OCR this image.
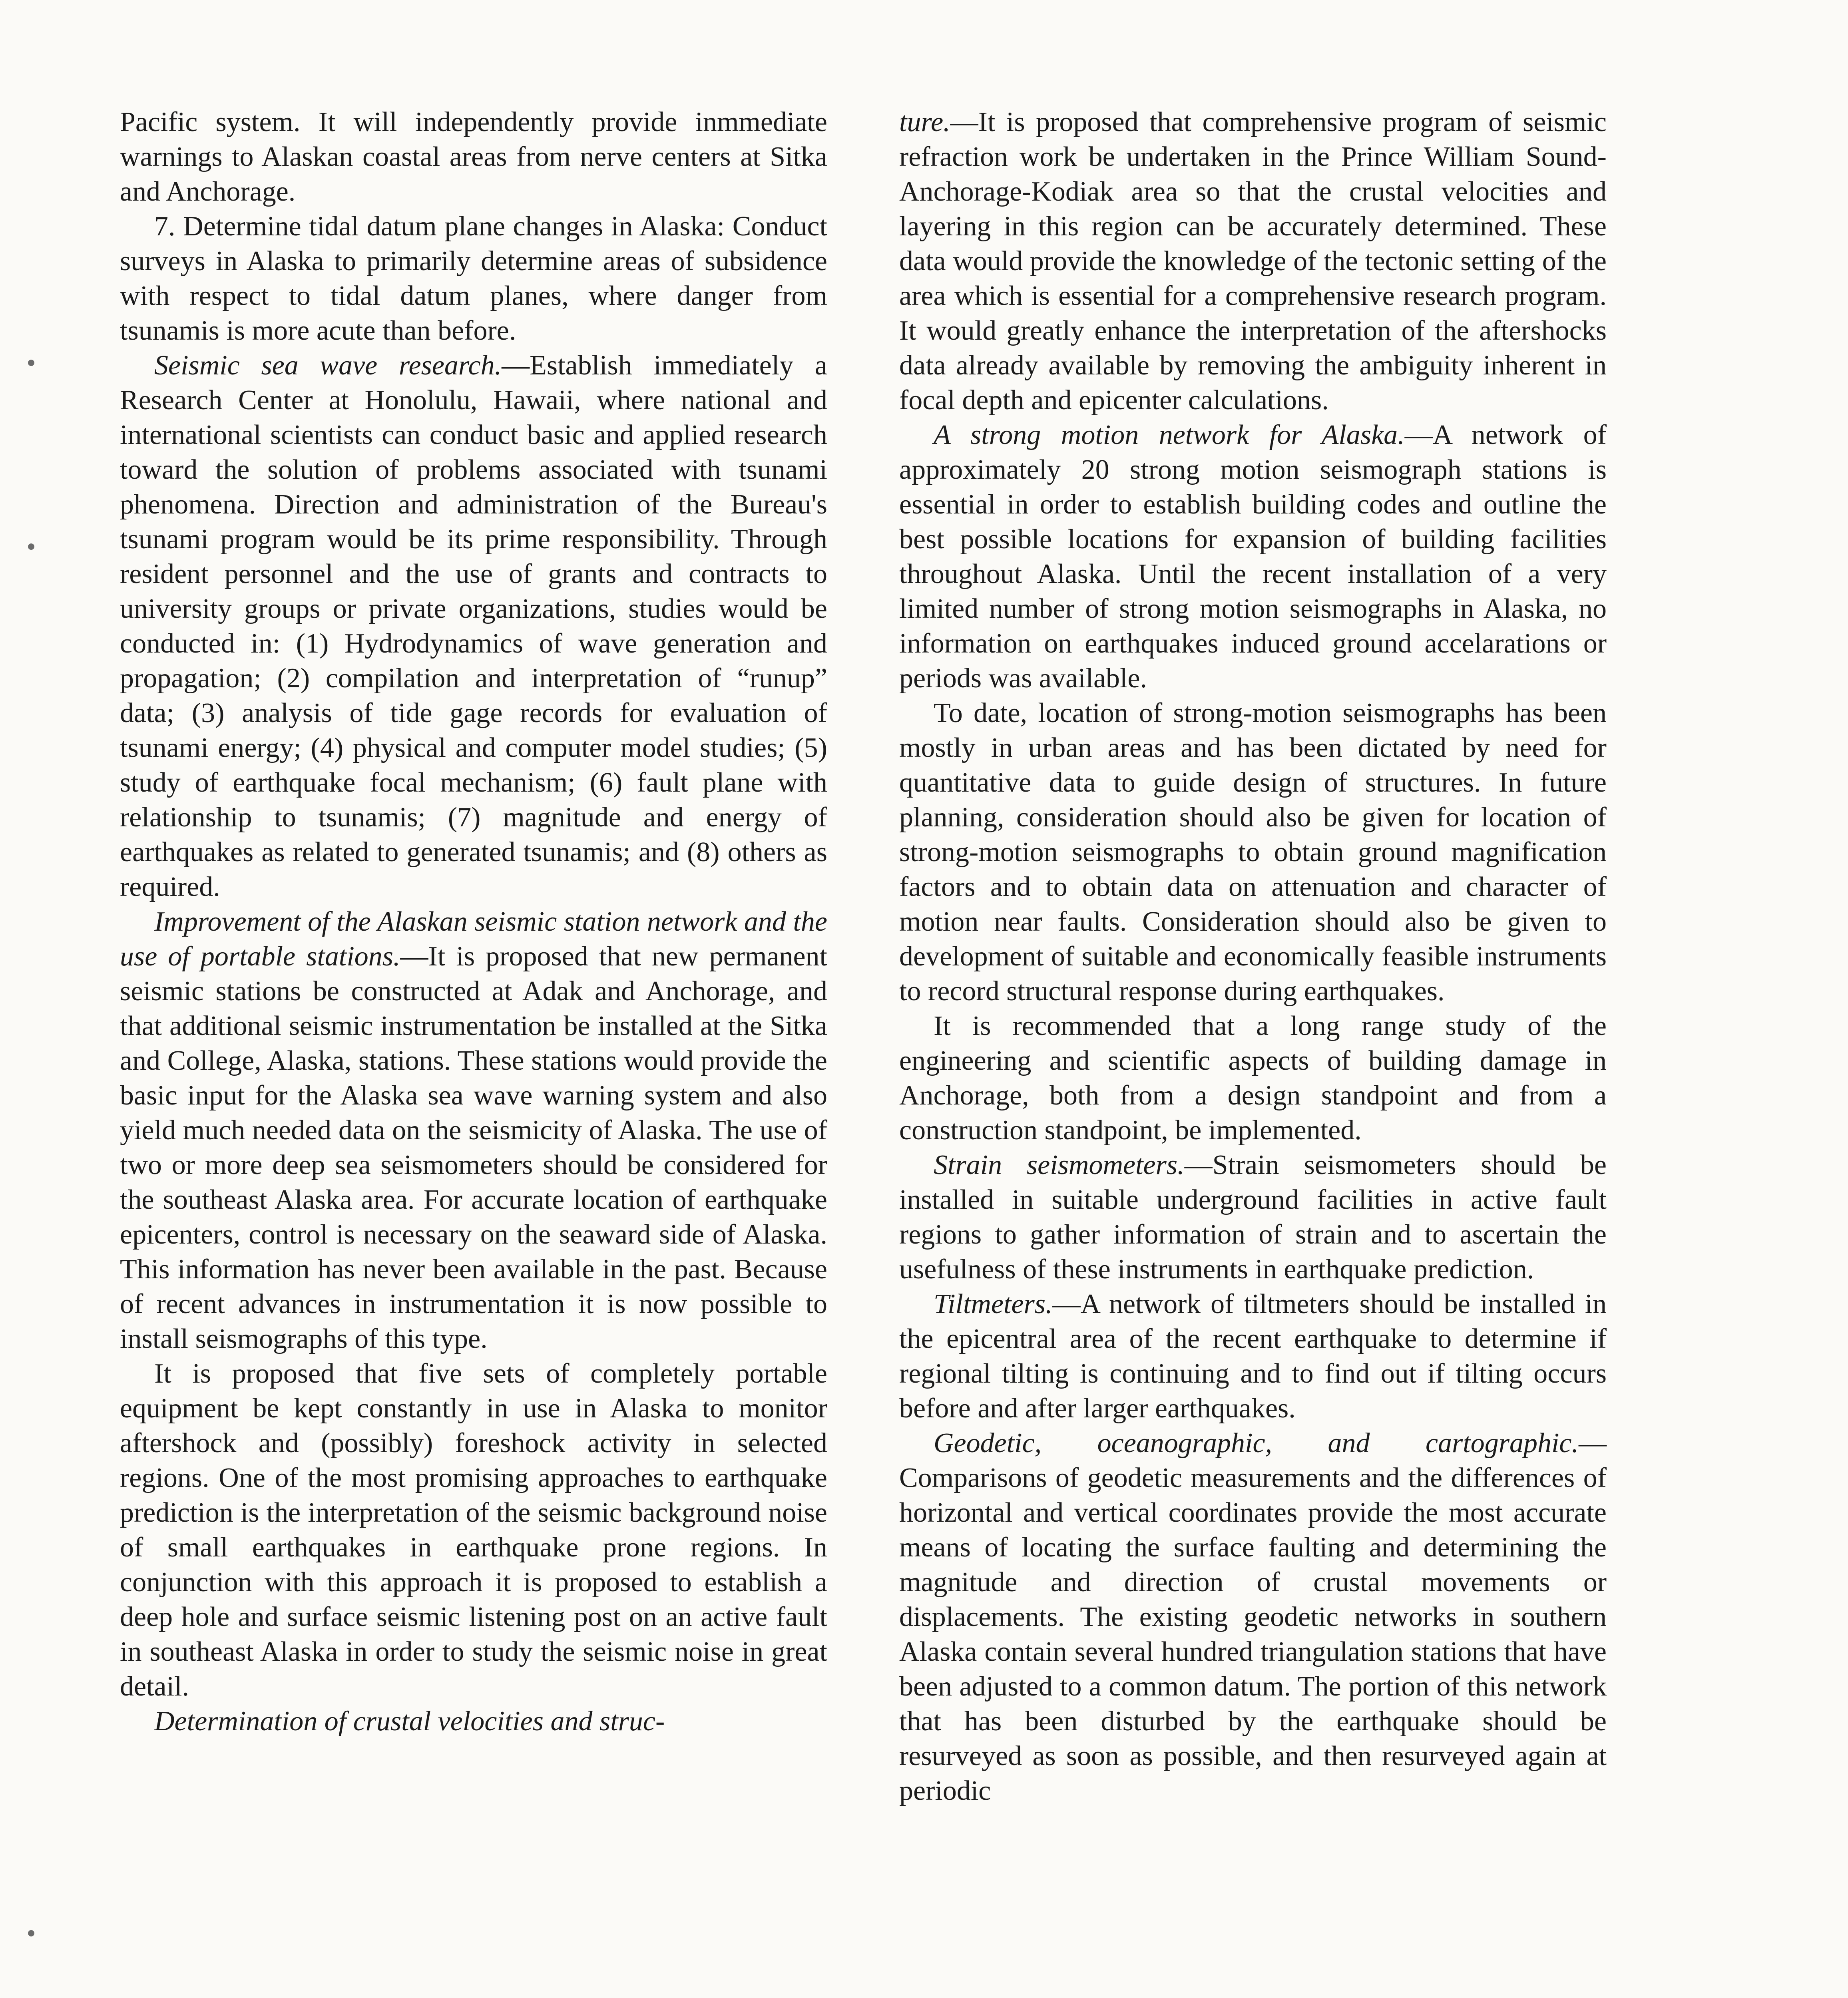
Pacific system. It will independently provide inmmediate warnings to Alaskan coastal areas from nerve centers at Sitka and Anchorage.

7. Determine tidal datum plane changes in Alaska: Conduct surveys in Alaska to primarily determine areas of subsidence with respect to tidal datum planes, where danger from tsunamis is more acute than before.

Seismic sea wave research.—Establish immediately a Research Center at Honolulu, Hawaii, where national and international scientists can conduct basic and applied research toward the solution of problems associated with tsunami phenomena. Direction and administration of the Bureau's tsunami program would be its prime responsibility. Through resident personnel and the use of grants and contracts to university groups or private organizations, studies would be conducted in: (1) Hydrodynamics of wave generation and propagation; (2) compilation and interpretation of “runup” data; (3) analysis of tide gage records for evaluation of tsunami energy; (4) physical and computer model studies; (5) study of earthquake focal mechanism; (6) fault plane with relationship to tsunamis; (7) magnitude and energy of earthquakes as related to generated tsunamis; and (8) others as required.

Improvement of the Alaskan seismic station network and the use of portable stations.—It is proposed that new permanent seismic stations be constructed at Adak and Anchorage, and that additional seismic instrumentation be installed at the Sitka and College, Alaska, stations. These stations would provide the basic input for the Alaska sea wave warning system and also yield much needed data on the seismicity of Alaska. The use of two or more deep sea seismometers should be considered for the southeast Alaska area. For accurate location of earthquake epicenters, control is necessary on the seaward side of Alaska. This information has never been available in the past. Because of recent advances in instrumentation it is now possible to install seismographs of this type.

It is proposed that five sets of completely portable equipment be kept constantly in use in Alaska to monitor aftershock and (possibly) foreshock activity in selected regions. One of the most promising approaches to earthquake prediction is the interpretation of the seismic background noise of small earthquakes in earthquake prone regions. In conjunction with this approach it is proposed to establish a deep hole and surface seismic listening post on an active fault in southeast Alaska in order to study the seismic noise in great detail.

Determination of crustal velocities and struc-

ture.—It is proposed that comprehensive program of seismic refraction work be undertaken in the Prince William Sound-Anchorage-Kodiak area so that the crustal velocities and layering in this region can be accurately determined. These data would provide the knowledge of the tectonic setting of the area which is essential for a comprehensive research program. It would greatly enhance the interpretation of the aftershocks data already available by removing the ambiguity inherent in focal depth and epicenter calculations.

A strong motion network for Alaska.—A network of approximately 20 strong motion seismograph stations is essential in order to establish building codes and outline the best possible locations for expansion of building facilities throughout Alaska. Until the recent installation of a very limited number of strong motion seismographs in Alaska, no information on earthquakes induced ground accelarations or periods was available.

To date, location of strong-motion seismographs has been mostly in urban areas and has been dictated by need for quantitative data to guide design of structures. In future planning, consideration should also be given for location of strong-motion seismographs to obtain ground magnification factors and to obtain data on attenuation and character of motion near faults. Consideration should also be given to development of suitable and economically feasible instruments to record structural response during earthquakes.

It is recommended that a long range study of the engineering and scientific aspects of building damage in Anchorage, both from a design standpoint and from a construction standpoint, be implemented.

Strain seismometers.—Strain seismometers should be installed in suitable underground facilities in active fault regions to gather information of strain and to ascertain the usefulness of these instruments in earthquake prediction.

Tiltmeters.—A network of tiltmeters should be installed in the epicentral area of the recent earthquake to determine if regional tilting is continuing and to find out if tilting occurs before and after larger earthquakes.

Geodetic, oceanographic, and cartographic.—Comparisons of geodetic measurements and the differences of horizontal and vertical coordinates provide the most accurate means of locating the surface faulting and determining the magnitude and direction of crustal movements or displacements. The existing geodetic networks in southern Alaska contain several hundred triangulation stations that have been adjusted to a common datum. The portion of this network that has been disturbed by the earthquake should be resurveyed as soon as possible, and then resurveyed again at periodic
